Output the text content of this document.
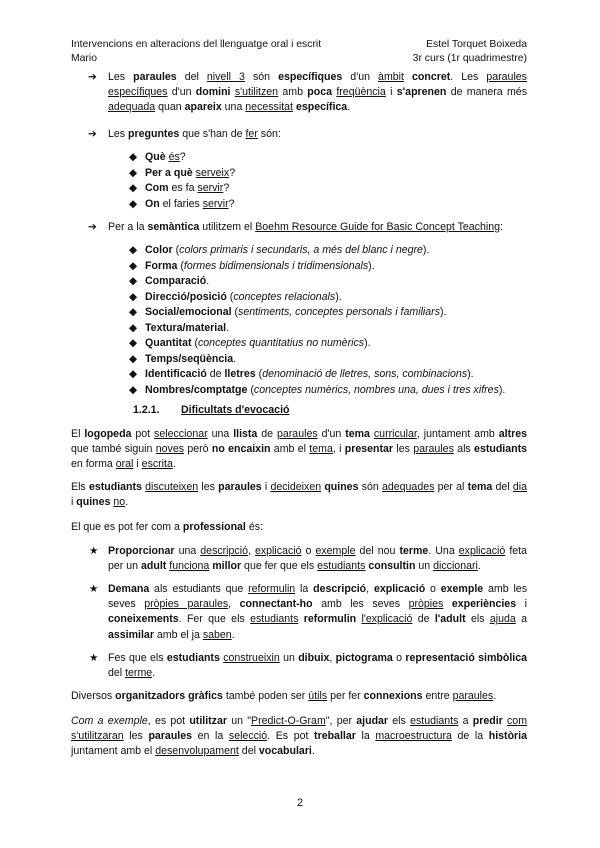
Intervencions en alteracions del llenguatge oral i escrit
Mario
Estel Torquet Boixeda
3r curs (1r quadrimestre)
➔ Les paraules del nivell 3 són específiques d'un àmbit concret. Les paraules específiques d'un domini s'utilitzen amb poca freqüència i s'aprenen de manera més adequada quan apareix una necessitat específica.
➔ Les preguntes que s'han de fer són:
◆ Què és?
◆ Per a què serveix?
◆ Com es fa servir?
◆ On el faries servir?
➔ Per a la semàntica utilitzem el Boehm Resource Guide for Basic Concept Teaching:
◆ Color (colors primaris i secundaris, a més del blanc i negre).
◆ Forma (formes bidimensionals i tridimensionals).
◆ Comparació.
◆ Direcció/posició (conceptes relacionals).
◆ Social/emocional (sentiments, conceptes personals i familiars).
◆ Textura/material.
◆ Quantitat (conceptes quantitatius no numèrics).
◆ Temps/seqüència.
◆ Identificació de lletres (denominació de lletres, sons, combinacions).
◆ Nombres/comptatge (conceptes numèrics, nombres una, dues i tres xifres).
1.2.1. Dificultats d'evocació
El logopeda pot seleccionar una llista de paraules d'un tema curricular, juntament amb altres que també siguin noves però no encaixin amb el tema, i presentar les paraules als estudiants en forma oral i escrita.
Els estudiants discuteixen les paraules i decideixen quines són adequades per al tema del dia i quines no.
El que es pot fer com a professional és:
★ Proporcionar una descripció, explicació o exemple del nou terme. Una explicació feta per un adult funciona millor que fer que els estudiants consultin un diccionari.
★ Demana als estudiants que reformulin la descripció, explicació o exemple amb les seves pròpies paraules, connectant-ho amb les seves pròpies experiències i coneixements. Fer que els estudiants reformulin l'explicació de l'adult els ajuda a assimilar amb el ja saben.
★ Fes que els estudiants construeixin un dibuix, pictograma o representació simbòlica del terme.
Diversos organitzadors gràfics també poden ser útils per fer connexions entre paraules.
Com a exemple, es pot utilitzar un "Predict-O-Gram", per ajudar els estudiants a predir com s'utilitzaran les paraules en la selecció. Es pot treballar la macroestructura de la història juntament amb el desenvolupament del vocabulari.
2
